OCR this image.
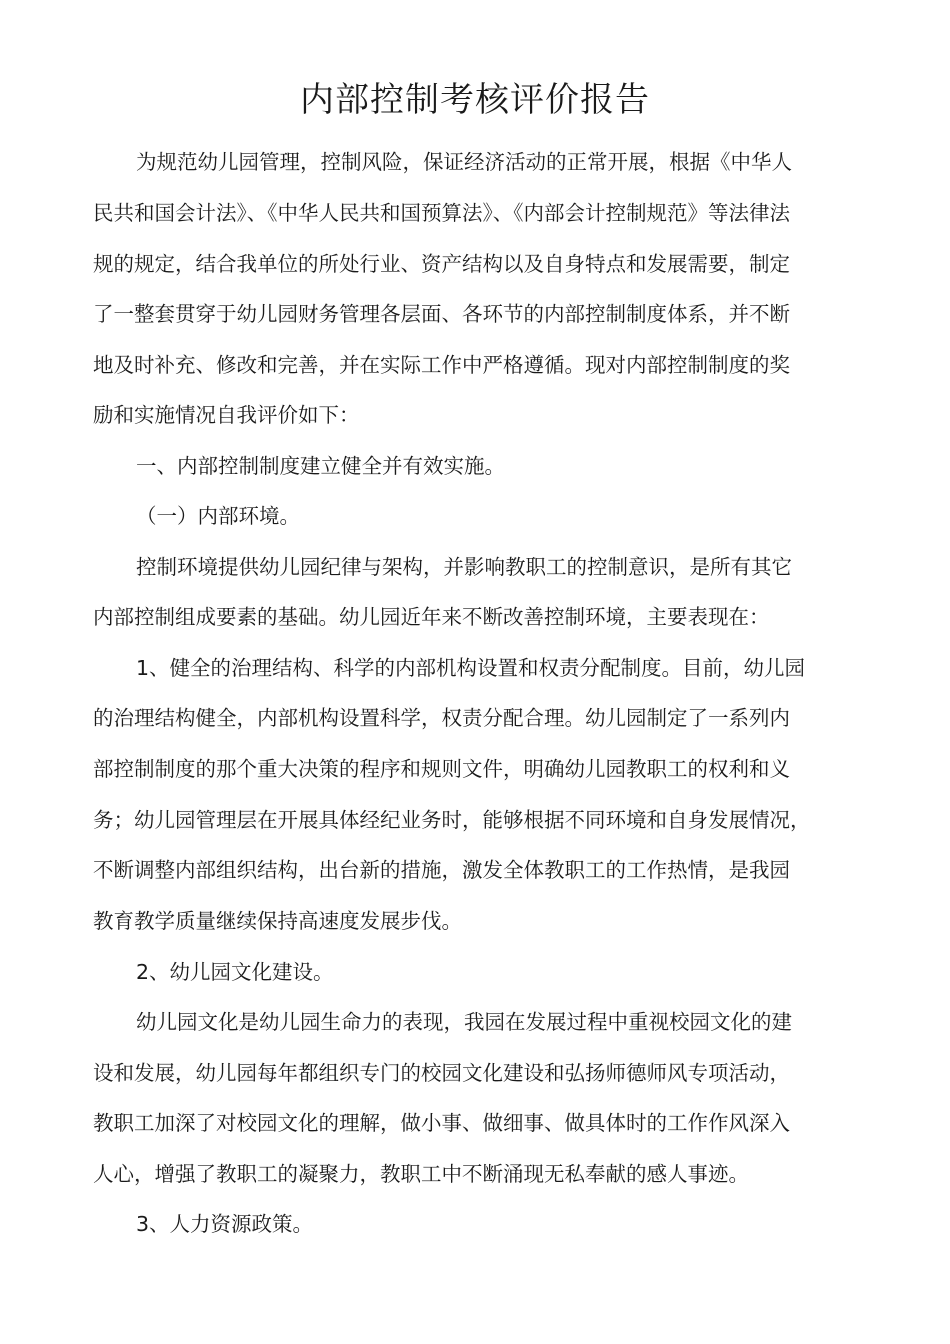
内部控制考核评价报告

为规范幼儿园管理，控制风险，保证经济活动的正常开展，根据《中华人

民共和国会计法》、《中华人民共和国预算法》、《内部会计控制规范》等法律法

规的规定，结合我单位的所处行业、资产结构以及自身特点和发展需要，制定

了一整套贯穿于幼儿园财务管理各层面、各环节的内部控制制度体系，并不断

地及时补充、修改和完善，并在实际工作中严格遵循。现对内部控制制度的奖

励和实施情况自我评价如下：

一、内部控制制度建立健全并有效实施。

（一）内部环境。

控制环境提供幼儿园纪律与架构，并影响教职工的控制意识，是所有其它

内部控制组成要素的基础。幼儿园近年来不断改善控制环境，主要表现在：

1、健全的治理结构、科学的内部机构设置和权责分配制度。目前，幼儿园

的治理结构健全，内部机构设置科学，权责分配合理。幼儿园制定了一系列内

部控制制度的那个重大决策的程序和规则文件，明确幼儿园教职工的权利和义

务；幼儿园管理层在开展具体经纪业务时，能够根据不同环境和自身发展情况，

不断调整内部组织结构，出台新的措施，激发全体教职工的工作热情，是我园

教育教学质量继续保持高速度发展步伐。

2、幼儿园文化建设。

幼儿园文化是幼儿园生命力的表现，我园在发展过程中重视校园文化的建

设和发展，幼儿园每年都组织专门的校园文化建设和弘扬师德师风专项活动，

教职工加深了对校园文化的理解，做小事、做细事、做具体时的工作作风深入

人心，增强了教职工的凝聚力，教职工中不断涌现无私奉献的感人事迹。

3、人力资源政策。
